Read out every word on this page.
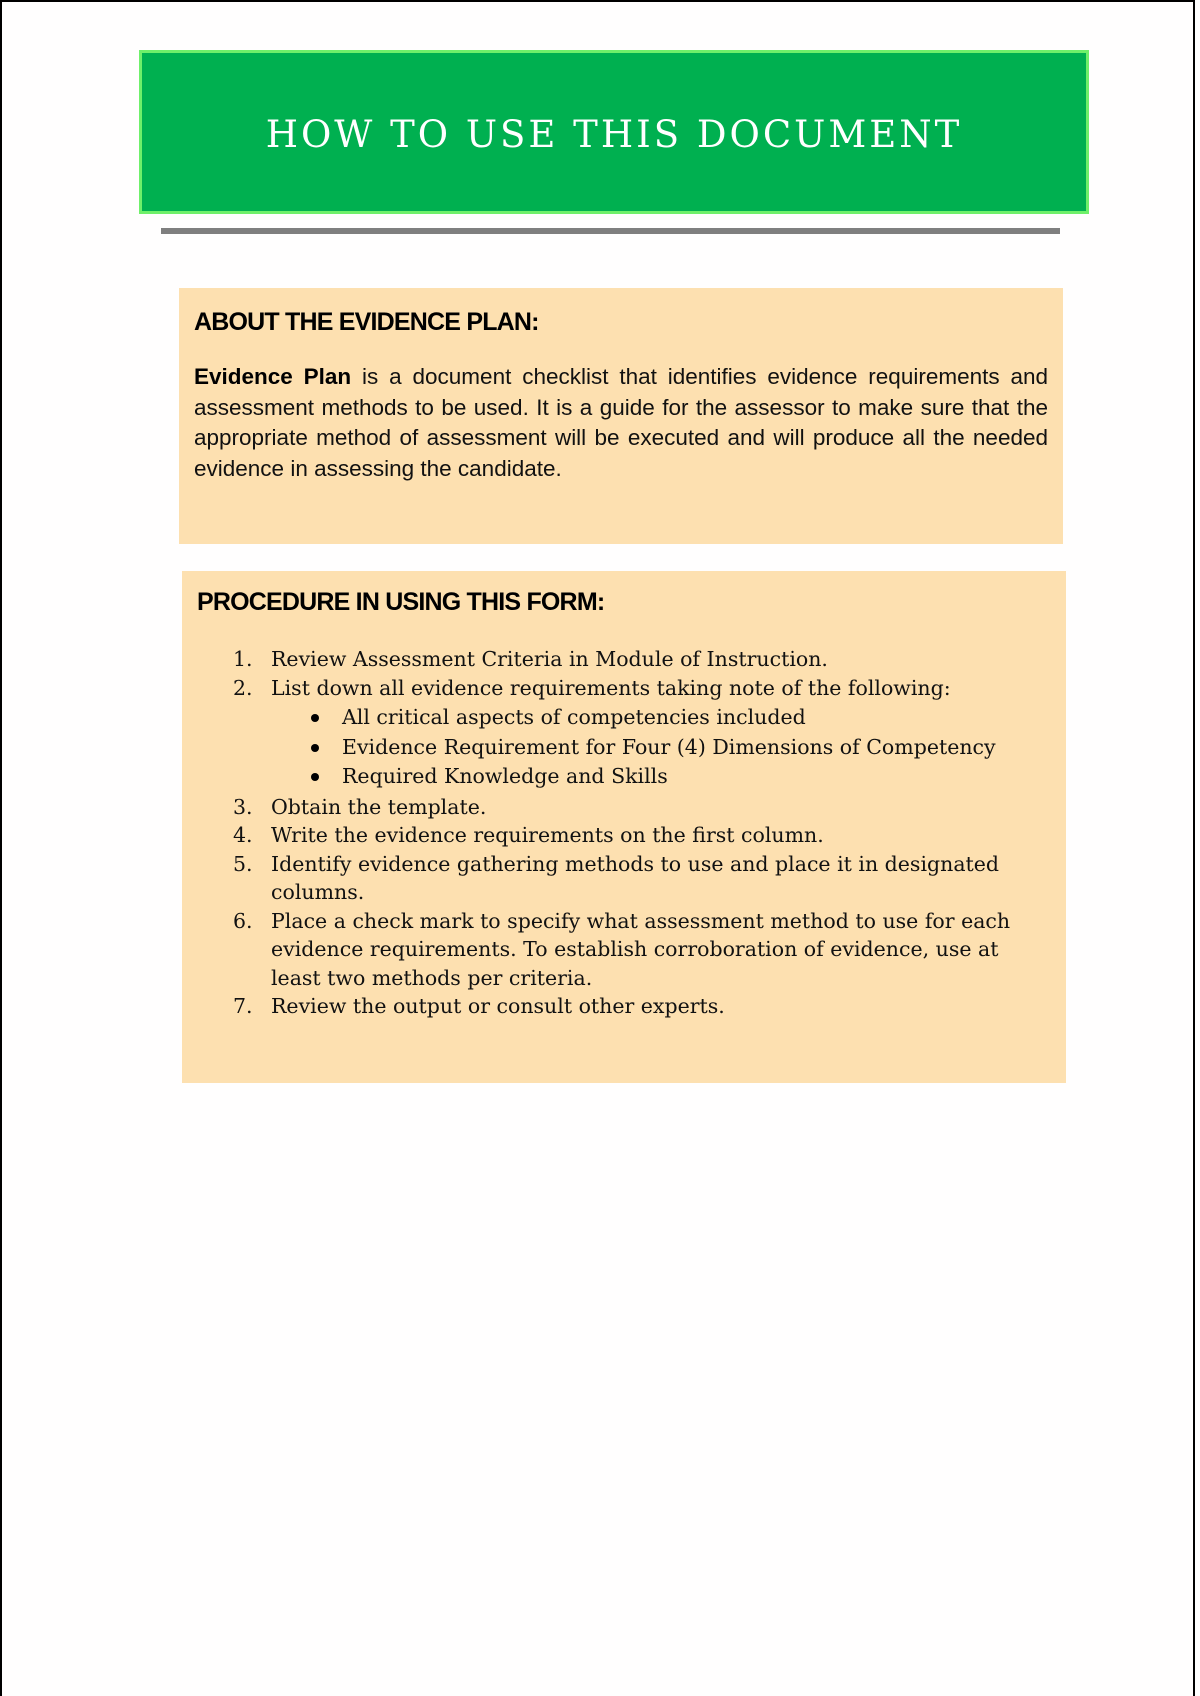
HOW TO USE THIS DOCUMENT
ABOUT THE EVIDENCE PLAN:

Evidence Plan is a document checklist that identifies evidence requirements and assessment methods to be used. It is a guide for the assessor to make sure that the appropriate method of assessment will be executed and will produce all the needed evidence in assessing the candidate.

PROCEDURE IN USING THIS FORM:
1. Review Assessment Criteria in Module of Instruction.
2. List down all evidence requirements taking note of the following:
All critical aspects of competencies included
Evidence Requirement for Four (4) Dimensions of Competency
Required Knowledge and Skills
3. Obtain the template.
4. Write the evidence requirements on the first column.
5. Identify evidence gathering methods to use and place it in designated columns.
6. Place a check mark to specify what assessment method to use for each evidence requirements. To establish corroboration of evidence, use at least two methods per criteria.
7. Review the output or consult other experts.
